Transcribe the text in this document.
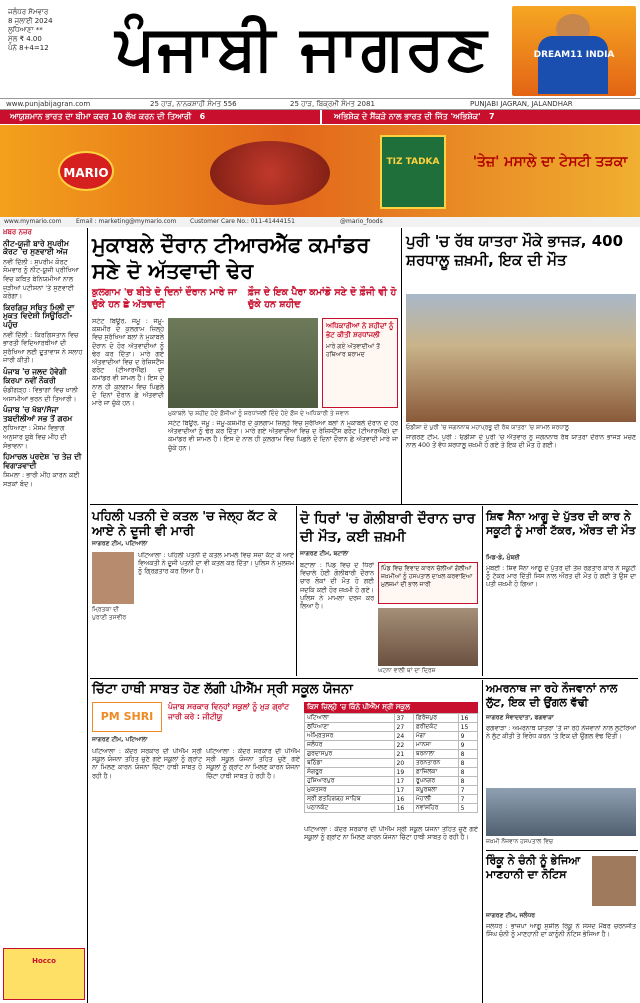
ਜਲੰਧਰ ਸੋਮਵਾਰ
8 ਜੁਲਾਈ 2024
ਲੁਧਿਆਣਾ **
ਮੁੱਲ ₹ 4.00
ਪੰਨੇ 8+4=12	ਪੰਜਾਬੀ ਜਾਗਰਣ	DREAM11 INDIA
www.punjabijagran.com	25 ਹਾੜ, ਨਾਨਕਸ਼ਾਹੀ ਸੰਮਤ 556	25 ਹਾੜ, ਬਿਕ੍ਰਮੀ ਸੰਮਤ 2081	PUNJABI JAGRAN, JALANDHAR
ਆਯੁਸ਼ਮਾਨ ਭਾਰਤ ਦਾ ਬੀਮਾ ਕਵਰ 10 ਲੱਖ ਕਰਨ ਦੀ ਤਿਆਰੀ 6	ਅਭਿਸ਼ੇਕ ਦੇ ਸੈਂਕੜੇ ਨਾਲ ਭਾਰਤ ਦੀ ਜਿੱਤ 'ਅਭਿਸ਼ੇਕ' 7
MARIO
TIZ TADKA	'ਤੇਜ਼' ਮਸਾਲੇ ਦਾ ਟੇਸਟੀ ਤੜਕਾ
www.mymario.com Email : marketing@mymario.com Customer Care No.: 011-41444151	@mario_foods
ਖ਼ਬਰ ਨਜ਼ਰ
ਨੀਟ-ਯੂਜੀ ਬਾਰੇ ਸੁਪਰੀਮ ਕੋਰਟ 'ਚ ਸੁਣਵਾਈ ਅੱਜ

ਨਵੀਂ ਦਿੱਲੀ : ਸੁਪਰੀਮ ਕੋਰਟ ਸੋਮਵਾਰ ਨੂੰ ਨੀਟ-ਯੂਜੀ ਪ੍ਰੀਖਿਆ ਵਿਚ ਕਥਿਤ ਬੇਨਿਯਮੀਆਂ ਨਾਲ ਜੁੜੀਆਂ ਪਟੀਸ਼ਨਾਂ 'ਤੇ ਸੁਣਵਾਈ ਕਰੇਗਾ।

ਕਿਰਗਿਜ਼ ਸਥਿਤ ਮਿਲੀ ਦਾ ਮੁਕਤ ਵਿਦੇਸ਼ੀ ਸਿਊਰਿਟੀ-ਪਹੁੰਚ

ਨਵੀਂ ਦਿੱਲੀ : ਕਿਰਗਿਸਤਾਨ ਵਿਚ ਭਾਰਤੀ ਵਿਦਿਆਰਥੀਆਂ ਦੀ ਸੁਰੱਖਿਆ ਲਈ ਦੂਤਾਵਾਸ ਨੇ ਸਲਾਹ ਜਾਰੀ ਕੀਤੀ।

ਪੰਜਾਬ 'ਚ ਜਲਦ ਹੋਵੇਗੀ ਕਿਰਪਾ ਨਵੀਂ ਨੌਕਰੀ

ਚੰਡੀਗੜ੍ਹ : ਵਿਭਾਗਾਂ ਵਿਚ ਖ਼ਾਲੀ ਅਸਾਮੀਆਂ ਭਰਨ ਦੀ ਤਿਆਰੀ।

ਪੰਜਾਬ 'ਚ ਖੱਬਾ/ਸੱਜਾ ਤਬਦੀਲੀਆਂ ਸਭ ਤੋਂ ਗਰਮ

ਲੁਧਿਆਣਾ : ਮੌਸਮ ਵਿਭਾਗ ਅਨੁਸਾਰ ਸੂਬੇ ਵਿਚ ਮੀਂਹ ਦੀ ਸੰਭਾਵਨਾ।

ਹਿਮਾਚਲ ਪ੍ਰਦੇਸ਼ 'ਚ ਤੇਜ਼ ਦੀ ਵਿਗਾੜਵਾਦੀ

ਸ਼ਿਮਲਾ : ਭਾਰੀ ਮੀਂਹ ਕਾਰਨ ਕਈ ਸੜਕਾਂ ਬੰਦ।

Hocco
ਮੁਕਾਬਲੇ ਦੌਰਾਨ ਟੀਆਰਐੱਫ ਕਮਾਂਡਰ ਸਣੇ ਦੋ ਅੱਤਵਾਦੀ ਢੇਰ
ਕੁਲਗਾਮ 'ਚ ਬੀਤੇ ਦੋ ਦਿਨਾਂ ਦੌਰਾਨ ਮਾਰੇ ਜਾ ਚੁੱਕੇ ਹਨ ਛੇ ਅੱਤਵਾਦੀ
ਫ਼ੌਜ ਦੇ ਇਕ ਪੈਰਾ ਕਮਾਂਡੋ ਸਣੇ ਦੋ ਫ਼ੌਜੀ ਵੀ ਹੋ ਚੁੱਕੇ ਹਨ ਸ਼ਹੀਦ
ਸਟੇਟ ਬਿਊਰੋ, ਜੰਮੂ : ਜੰਮੂ-ਕਸ਼ਮੀਰ ਦੇ ਕੁਲਗਾਮ ਜ਼ਿਲ੍ਹੇ ਵਿਚ ਸੁਰੱਖਿਆ ਬਲਾਂ ਨੇ ਮੁਕਾਬਲੇ ਦੌਰਾਨ ਦੋ ਹੋਰ ਅੱਤਵਾਦੀਆਂ ਨੂੰ ਢੇਰ ਕਰ ਦਿੱਤਾ। ਮਾਰੇ ਗਏ ਅੱਤਵਾਦੀਆਂ ਵਿਚ ਦ ਰੇਜ਼ਿਸਟੈਂਸ ਫਰੰਟ (ਟੀਆਰਐੱਫ) ਦਾ ਕਮਾਂਡਰ ਵੀ ਸ਼ਾਮਲ ਹੈ। ਇਸ ਦੇ ਨਾਲ ਹੀ ਕੁਲਗਾਮ ਵਿਚ ਪਿਛਲੇ ਦੋ ਦਿਨਾਂ ਦੌਰਾਨ ਛੇ ਅੱਤਵਾਦੀ ਮਾਰੇ ਜਾ ਚੁੱਕੇ ਹਨ।
ਅਧਿਕਾਰੀਆਂ ਨੇ ਸ਼ਹੀਦਾਂ ਨੂੰ ਭੇਟ ਕੀਤੀ ਸ਼ਰਧਾਂਜਲੀ
ਮਾਰੇ ਗਏ ਅੱਤਵਾਦੀਆਂ ਤੋਂ ਹਥਿਆਰ ਬਰਾਮਦ
ਮੁਕਾਬਲੇ 'ਚ ਸ਼ਹੀਦ ਹੋਏ ਫ਼ੌਜੀਆਂ ਨੂੰ ਸ਼ਰਧਾਂਜਲੀ ਦਿੰਦੇ ਹੋਏ ਫ਼ੌਜ ਦੇ ਅਧਿਕਾਰੀ ਤੇ ਜਵਾਨ
ਸਟੇਟ ਬਿਊਰੋ, ਜੰਮੂ : ਜੰਮੂ-ਕਸ਼ਮੀਰ ਦੇ ਕੁਲਗਾਮ ਜ਼ਿਲ੍ਹੇ ਵਿਚ ਸੁਰੱਖਿਆ ਬਲਾਂ ਨੇ ਮੁਕਾਬਲੇ ਦੌਰਾਨ ਦੋ ਹੋਰ ਅੱਤਵਾਦੀਆਂ ਨੂੰ ਢੇਰ ਕਰ ਦਿੱਤਾ। ਮਾਰੇ ਗਏ ਅੱਤਵਾਦੀਆਂ ਵਿਚ ਦ ਰੇਜ਼ਿਸਟੈਂਸ ਫਰੰਟ (ਟੀਆਰਐੱਫ) ਦਾ ਕਮਾਂਡਰ ਵੀ ਸ਼ਾਮਲ ਹੈ। ਇਸ ਦੇ ਨਾਲ ਹੀ ਕੁਲਗਾਮ ਵਿਚ ਪਿਛਲੇ ਦੋ ਦਿਨਾਂ ਦੌਰਾਨ ਛੇ ਅੱਤਵਾਦੀ ਮਾਰੇ ਜਾ ਚੁੱਕੇ ਹਨ।
ਪੁਰੀ 'ਚ ਰੱਥ ਯਾਤਰਾ ਮੌਕੇ ਭਾਜੜ, 400 ਸ਼ਰਧਾਲੂ ਜ਼ਖ਼ਮੀ, ਇਕ ਦੀ ਮੌਤ
ਓਡੀਸ਼ਾ ਦੇ ਪੁਰੀ 'ਚ ਜਗਨਨਾਥ ਮਹਾਪ੍ਰਭੂ ਦੀ ਰੱਥ ਯਾਤਰਾ 'ਚ ਸ਼ਾਮਲ ਸ਼ਰਧਾਲੂ
ਜਾਗਰਣ ਟੀਮ, ਪੁਰੀ : ਓਡੀਸ਼ਾ ਦੇ ਪੁਰੀ 'ਚ ਐਤਵਾਰ ਨੂੰ ਜਗਨਨਾਥ ਰੱਥ ਯਾਤਰਾ ਦੌਰਾਨ ਭਾਜੜ ਮਚਣ ਨਾਲ 400 ਤੋਂ ਵੱਧ ਸ਼ਰਧਾਲੂ ਜ਼ਖ਼ਮੀ ਹੋ ਗਏ ਤੇ ਇਕ ਦੀ ਮੌਤ ਹੋ ਗਈ।
ਪਹਿਲੀ ਪਤਨੀ ਦੇ ਕਤਲ 'ਚ ਜੇਲ੍ਹ ਕੱਟ ਕੇ ਆਏ ਨੇ ਦੂਜੀ ਵੀ ਮਾਰੀ
ਜਾਗਰਣ ਟੀਮ, ਪਟਿਆਲਾ
ਮ੍ਰਿਤਕਾ ਦੀ ਪੁਰਾਣੀ ਤਸਵੀਰ
ਪਟਿਆਲਾ : ਪਹਿਲੀ ਪਤਨੀ ਦੇ ਕਤਲ ਮਾਮਲੇ ਵਿਚ ਸਜ਼ਾ ਕੱਟ ਕੇ ਆਏ ਵਿਅਕਤੀ ਨੇ ਦੂਜੀ ਪਤਨੀ ਦਾ ਵੀ ਕਤਲ ਕਰ ਦਿੱਤਾ। ਪੁਲਿਸ ਨੇ ਮੁਲਜ਼ਮ ਨੂੰ ਗ੍ਰਿਫ਼ਤਾਰ ਕਰ ਲਿਆ ਹੈ।
ਦੋ ਧਿਰਾਂ 'ਚ ਗੋਲੀਬਾਰੀ ਦੌਰਾਨ ਚਾਰ ਦੀ ਮੌਤ, ਕਈ ਜ਼ਖ਼ਮੀ
ਜਾਗਰਣ ਟੀਮ, ਬਟਾਲਾ
ਬਟਾਲਾ : ਪਿੰਡ ਵਿਚ ਦੋ ਧਿਰਾਂ ਵਿਚਾਲੇ ਹੋਈ ਗੋਲੀਬਾਰੀ ਦੌਰਾਨ ਚਾਰ ਲੋਕਾਂ ਦੀ ਮੌਤ ਹੋ ਗਈ ਜਦਕਿ ਕਈ ਹੋਰ ਜ਼ਖ਼ਮੀ ਹੋ ਗਏ। ਪੁਲਿਸ ਨੇ ਮਾਮਲਾ ਦਰਜ ਕਰ ਲਿਆ ਹੈ।
ਪਿੰਡ ਵਿਚ ਵਿਵਾਦ ਕਾਰਨ ਚੱਲੀਆਂ ਗੋਲੀਆਂ
ਜ਼ਖ਼ਮੀਆਂ ਨੂੰ ਹਸਪਤਾਲ ਦਾਖ਼ਲ ਕਰਵਾਇਆ
ਮੁਲਜ਼ਮਾਂ ਦੀ ਭਾਲ ਜਾਰੀ
ਘਟਨਾ ਵਾਲੀ ਥਾਂ ਦਾ ਦ੍ਰਿਸ਼
ਸ਼ਿਵ ਸੈਨਾ ਆਗੂ ਦੇ ਪੁੱਤਰ ਦੀ ਕਾਰ ਨੇ ਸਕੂਟੀ ਨੂੰ ਮਾਰੀ ਟੱਕਰ, ਔਰਤ ਦੀ ਮੌਤ
ਮਿਡ-ਡੇ, ਮੁੰਬਈ
ਮੁੰਬਈ : ਸ਼ਿਵ ਸੈਨਾ ਆਗੂ ਦੇ ਪੁੱਤਰ ਦੀ ਤੇਜ਼ ਰਫ਼ਤਾਰ ਕਾਰ ਨੇ ਸਕੂਟੀ ਨੂੰ ਟੱਕਰ ਮਾਰ ਦਿੱਤੀ ਜਿਸ ਨਾਲ ਔਰਤ ਦੀ ਮੌਤ ਹੋ ਗਈ ਤੇ ਉਸ ਦਾ ਪਤੀ ਜ਼ਖ਼ਮੀ ਹੋ ਗਿਆ।
ਅਮਰਨਾਥ ਜਾ ਰਹੇ ਨੌਜਵਾਨਾਂ ਨਾਲ ਲੁੱਟ, ਇਕ ਦੀ ਉਂਗਲ ਵੱਢੀ
ਜਾਗਰਣ ਸੰਵਾਦਦਾਤਾ, ਫਗਵਾੜਾ
ਫਗਵਾੜਾ : ਅਮਰਨਾਥ ਯਾਤਰਾ 'ਤੇ ਜਾ ਰਹੇ ਨੌਜਵਾਨਾਂ ਨਾਲ ਲੁਟੇਰਿਆਂ ਨੇ ਲੁੱਟ ਕੀਤੀ ਤੇ ਵਿਰੋਧ ਕਰਨ 'ਤੇ ਇਕ ਦੀ ਉਂਗਲ ਵੱਢ ਦਿੱਤੀ।
ਜ਼ਖ਼ਮੀ ਨੌਜਵਾਨ ਹਸਪਤਾਲ ਵਿਚ
ਰਿੰਕੂ ਨੇ ਚੰਨੀ ਨੂੰ ਭੇਜਿਆ ਮਾਣਹਾਨੀ ਦਾ ਨੋਟਿਸ
ਜਾਗਰਣ ਟੀਮ, ਜਲੰਧਰ
ਜਲੰਧਰ : ਭਾਜਪਾ ਆਗੂ ਸੁਸ਼ੀਲ ਰਿੰਕੂ ਨੇ ਸੰਸਦ ਮੈਂਬਰ ਚਰਨਜੀਤ ਸਿੰਘ ਚੰਨੀ ਨੂੰ ਮਾਣਹਾਨੀ ਦਾ ਕਾਨੂੰਨੀ ਨੋਟਿਸ ਭੇਜਿਆ ਹੈ।
ਚਿੱਟਾ ਹਾਥੀ ਸਾਬਤ ਹੋਣ ਲੱਗੀ ਪੀਐੱਮ ਸ੍ਰੀ ਸਕੂਲ ਯੋਜਨਾ
PM SHRI
ਪੰਜਾਬ ਸਰਕਾਰ ਵਿਨ੍ਹਾਂ ਸਕੂਲਾਂ ਨੂੰ ਮੁੜ ਗ੍ਰਾਂਟ ਜਾਰੀ ਕਰੇ : ਜੀਟੀਯੂ
ਜਾਗਰਣ ਟੀਮ, ਪਟਿਆਲਾ
ਪਟਿਆਲਾ : ਕੇਂਦਰ ਸਰਕਾਰ ਦੀ ਪੀਐੱਮ ਸ੍ਰੀ ਸਕੂਲ ਯੋਜਨਾ ਤਹਿਤ ਚੁਣੇ ਗਏ ਸਕੂਲਾਂ ਨੂੰ ਗ੍ਰਾਂਟ ਨਾ ਮਿਲਣ ਕਾਰਨ ਯੋਜਨਾ ਚਿੱਟਾ ਹਾਥੀ ਸਾਬਤ ਹੋ ਰਹੀ ਹੈ।
ਪਟਿਆਲਾ : ਕੇਂਦਰ ਸਰਕਾਰ ਦੀ ਪੀਐੱਮ ਸ੍ਰੀ ਸਕੂਲ ਯੋਜਨਾ ਤਹਿਤ ਚੁਣੇ ਗਏ ਸਕੂਲਾਂ ਨੂੰ ਗ੍ਰਾਂਟ ਨਾ ਮਿਲਣ ਕਾਰਨ ਯੋਜਨਾ ਚਿੱਟਾ ਹਾਥੀ ਸਾਬਤ ਹੋ ਰਹੀ ਹੈ।
ਕਿਸ ਜ਼ਿਲ੍ਹੇ 'ਚ ਕਿੰਨੇ ਪੀਐੱਮ ਸ੍ਰੀ ਸਕੂਲ
ਪਟਿਆਲਾ	37	ਫ਼ਿਰੋਜ਼ਪੁਰ	16
ਲੁਧਿਆਣਾ	27	ਫ਼ਰੀਦਕੋਟ	15
ਅੰਮ੍ਰਿਤਸਰ	24	ਮੋਗਾ	9
ਜਲੰਧਰ	22	ਮਾਨਸਾ	9
ਗੁਰਦਾਸਪੁਰ	21	ਬਰਨਾਲਾ	8
ਬਠਿੰਡਾ	20	ਤਰਨਤਾਰਨ	8
ਸੰਗਰੂਰ	19	ਫ਼ਾਜ਼ਿਲਕਾ	8
ਹੁਸ਼ਿਆਰਪੁਰ	17	ਰੂਪਨਗਰ	8
ਮੁਕਤਸਰ	17	ਕਪੂਰਥਲਾ	7
ਸ੍ਰੀ ਫ਼ਤਹਿਗੜ੍ਹ ਸਾਹਿਬ	16	ਮੋਹਾਲੀ	7
ਪਠਾਨਕੋਟ	16	ਨਵਾਂਸ਼ਹਿਰ	5
ਪਟਿਆਲਾ : ਕੇਂਦਰ ਸਰਕਾਰ ਦੀ ਪੀਐੱਮ ਸ੍ਰੀ ਸਕੂਲ ਯੋਜਨਾ ਤਹਿਤ ਚੁਣੇ ਗਏ ਸਕੂਲਾਂ ਨੂੰ ਗ੍ਰਾਂਟ ਨਾ ਮਿਲਣ ਕਾਰਨ ਯੋਜਨਾ ਚਿੱਟਾ ਹਾਥੀ ਸਾਬਤ ਹੋ ਰਹੀ ਹੈ।
